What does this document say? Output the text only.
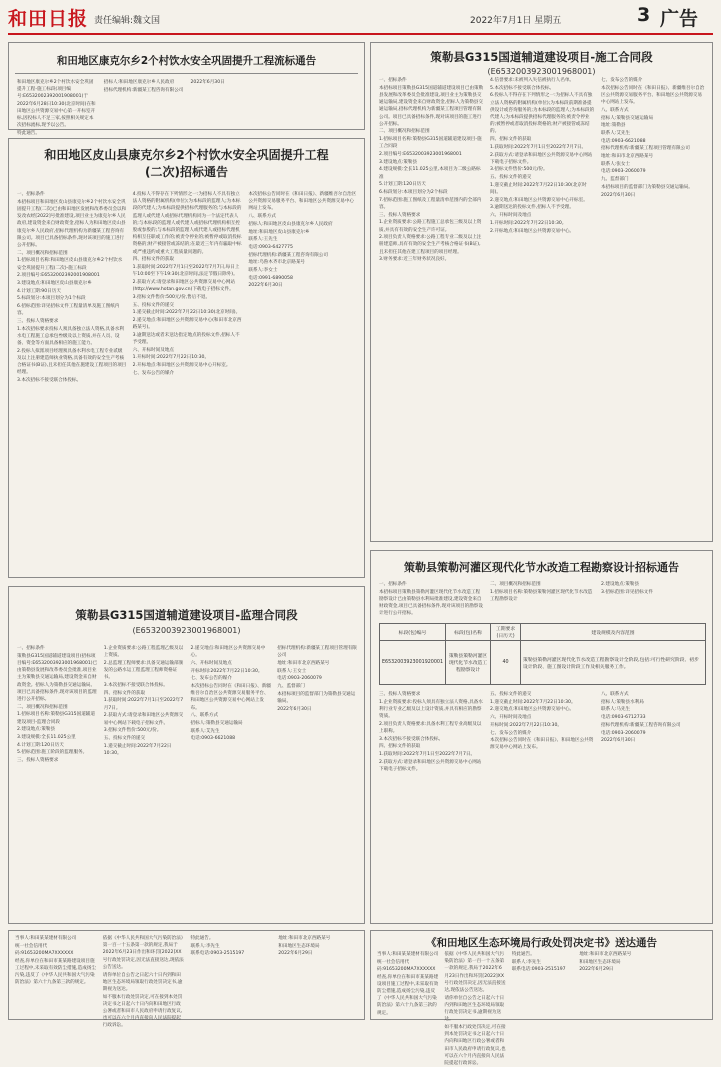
和田日报 责任编辑:魏文国	2022年7月1日 星期五	3 广告
和田地区康克尔乡2个村饮水安全巩固提升工程流标通告

和田地区康克尔乡2个村饮水安全巩固提升工程-施工标段(项目编号:E6532002392001908001)于2022年6月28日10:30(北京时间)在和田地区公共资源交易中心第一开标室开标,因投标人不足三家,按照相关规定本次招标流标,现予以公告。

特此通告。

招标人:和田地区康克尔乡人民政府

招标代理机构:新疆某工程咨询有限公司

2022年6月30日

和田地区皮山县康克尔乡2个村饮水安全巩固提升工程(二次)招标通告

一、招标条件

本招标项目和田地区皮山县康克尔乡2个村饮水安全巩固提升工程(二次)已由和田地区发展和改革委员会以和发改农经[2022]号批准建设,项目业主为康克尔乡人民政府,建设资金来自财政资金,招标人为和田地区皮山县康克尔乡人民政府,招标代理机构为新疆某工程咨询有限公司。项目已具备招标条件,现对该项目的施工进行公开招标。

二、项目概况和招标范围

1.招标项目名称:和田地区皮山县康克尔乡2个村饮水安全巩固提升工程(二次)-施工标段

2.项目编号:E6532002392001908001

3.建设地点:和田地区皮山县康克尔乡

4.计划工期:90日历天

5.标段划分:本项目划分为1个标段

6.招标范围:详见招标文件工程量清单及施工图纸内容。

三、投标人资格要求

1.本次招标要求投标人须具备独立法人资格,具备水利水电工程施工总承包叁级及以上资质,并在人员、设备、资金等方面具备相应的施工能力。

2.投标人拟派项目经理须具备水利水电工程专业贰级及以上注册建造师执业资格,具备有效的安全生产考核合格证书(B证),且未担任其他在施建设工程项目的项目经理。

3.本次招标不接受联合体投标。

4.投标人不得存在下列情形之一:为招标人不具有独立法人资格的附属机构(单位);为本标段的监理人;为本标段的代建人;为本标段提供招标代理服务的;与本标段的监理人或代建人或招标代理机构同为一个法定代表人的;与本标段的监理人或代建人或招标代理机构相互控股或参股的;与本标段的监理人或代建人或招标代理机构相互任职或工作的;被责令停业的;被暂停或取消投标资格的;财产被接管或冻结的;在最近三年内有骗取中标或严重违约或重大工程质量问题的。

四、招标文件的获取

1.获取时间:2022年7月1日至2022年7月7日,每日上午10:00至下午19:30(北京时间,法定节假日除外)。

2.获取方式:请登录和田地区公共资源交易中心网站(http://www.hotan.gov.cn)下载电子招标文件。

3.招标文件售价:500元/份,售后不退。

五、投标文件的递交

1.递交截止时间:2022年7月22日10:30(北京时间)。

2.递交地点:和田地区公共资源交易中心(和田市北京西路某号)。

3.逾期送达或者未送达指定地点的投标文件,招标人不予受理。

六、开标时间及地点

1.开标时间:2022年7月22日10:30。

2.开标地点:和田地区公共资源交易中心开标室。

七、发布公告的媒介

本次招标公告同时在《和田日报》、新疆维吾尔自治区公共资源交易服务平台、和田地区公共资源交易中心网站上发布。

八、联系方式

招标人:和田地区皮山县康克尔乡人民政府

地址:和田地区皮山县康克尔乡

联系人:王先生

电话:0903-6427775

招标代理机构:新疆某工程咨询有限公司

地址:乌鲁木齐市北京路某号

联系人:李女士

电话:0991-6890058

2022年6月30日

策勒县G315国道辅道建设项目-施工合同段
(E6532003923001968001)

一、招标条件

本招标项目策勒县G315国道辅道建设项目已由策勒县发展和改革委员会批准建设,项目业主为策勒县交通运输局,建设资金来自财政资金,招标人为策勒县交通运输局,招标代理机构为新疆某工程项目管理有限公司。项目已具备招标条件,现对该项目的施工进行公开招标。

二、项目概况和招标范围

1.招标项目名称:策勒县G315国道辅道建设项目-施工合同段

2.项目编号:E6532003923001968001

3.建设地点:策勒县

4.建设规模:全长11.025公里,本项目为二级公路标准

5.计划工期:120日历天

6.标段划分:本项目划分为2个标段

7.招标范围:施工图纸及工程量清单范围内的全部内容。

三、投标人资格要求

1.企业资质要求:公路工程施工总承包三级及以上资质,并具有有效的安全生产许可证。

2.项目负责人资格要求:公路工程专业二级及以上注册建造师,具有有效的安全生产考核合格证书(B证),且未担任其他在建工程项目的项目经理。

3.财务要求:近三年财务状况良好。

4.信誉要求:未被列入失信被执行人名单。

5.本次招标不接受联合体投标。

6.投标人不得存在下列情形之一:为招标人不具有独立法人资格的附属机构(单位);为本标段前期准备提供设计或咨询服务的;为本标段的监理人;为本标段的代建人;为本标段提供招标代理服务的;被责令停业的;被暂停或者取消投标资格的;财产被接管或冻结的。

四、招标文件的获取

1.获取时间:2022年7月1日至2022年7月7日。

2.获取方式:请登录和田地区公共资源交易中心网站下载电子招标文件。

3.招标文件售价:500元/份。

五、投标文件的递交

1.递交截止时间:2022年7月22日10:30(北京时间)。

2.递交地点:和田地区公共资源交易中心开标室。

3.逾期送达的投标文件,招标人不予受理。

六、开标时间及地点

1.开标时间:2022年7月22日10:30。

2.开标地点:和田地区公共资源交易中心。

七、发布公告的媒介

本次招标公告同时在《和田日报》、新疆维吾尔自治区公共资源交易服务平台、和田地区公共资源交易中心网站上发布。

八、联系方式

招标人:策勒县交通运输局

地址:策勒县

联系人:艾先生

电话:0903-6621088

招标代理机构:新疆某工程项目管理有限公司

地址:和田市北京西路某号

联系人:张女士

电话:0903-2060079

九、监督部门

本招标项目的监督部门为策勒县交通运输局。

2022年6月30日

策勒县策勒河灌区现代化节水改造工程勘察设计招标通告

一、招标条件

本招标项目策勒县策勒河灌区现代化节水改造工程勘察设计已由策勒县水利局批准建设,建设资金来自财政资金,项目已具备招标条件,现对该项目的勘察设计进行公开招标。

二、项目概况和招标范围

1.招标项目名称:策勒县策勒河灌区现代化节水改造工程勘察设计

2.建设地点:策勒县

3.招标范围:详见招标文件

标段(包)编号	标段(包)名称	工期要求(日历天)	建设规模及内容范围
E6532003923001920001	策勒县策勒河灌区现代化节水改造工程勘察设计	40	策勒县策勒河灌区现代化节水改造工程勘察设计全阶段,包括:可行性研究阶段、初步设计阶段、施工图设计阶段工作及相关服务工作。

三、投标人资格要求

1.企业资质要求:投标人须具有独立法人资格,具备水利行业专业乙级及以上设计资质,并具有相应的勘察资质。

2.项目负责人资格要求:具备水利工程专业高级及以上职称。

3.本次招标不接受联合体投标。

四、招标文件的获取

1.获取时间:2022年7月1日至2022年7月7日。

2.获取方式:请登录和田地区公共资源交易中心网站下载电子招标文件。

五、投标文件的递交

1.递交截止时间:2022年7月22日10:30。

2.递交地点:和田地区公共资源交易中心。

六、开标时间及地点

开标时间:2022年7月22日10:30。

七、发布公告的媒介

本次招标公告同时在《和田日报》、和田地区公共资源交易中心网站上发布。

八、联系方式

招标人:策勒县水利局

联系人:马先生

电话:0903-6712733

招标代理机构:新疆某工程咨询有限公司

电话:0903-2060079

2022年6月30日

策勒县G315国道辅道建设项目-监理合同段
(E6532003923001968001)

一、招标条件

策勒县G315国道辅道建设项目(招标项目编号:E6532003923001968001)已由策勒县发展和改革委员会批准,项目业主为策勒县交通运输局,建设资金来自财政资金。招标人为策勒县交通运输局。项目已具备招标条件,现对该项目的监理进行公开招标。

二、项目概况和招标范围

1.招标项目名称:策勒县G315国道辅道建设项目-监理合同段

2.建设地点:策勒县

3.建设规模:全长11.025公里

4.计划工期:120日历天

5.招标范围:施工阶段的监理服务。

三、投标人资格要求

1.企业资质要求:公路工程监理乙级及以上资质。

2.总监理工程师要求:具备交通运输部颁发的公路水运工程监理工程师资格证书。

3.本次招标不接受联合体投标。

四、招标文件的获取

1.获取时间:2022年7月1日至2022年7月7日。

2.获取方式:请登录和田地区公共资源交易中心网站下载电子招标文件。

3.招标文件售价:500元/份。

五、投标文件的递交

1.递交截止时间:2022年7月22日10:30。

2.递交地点:和田地区公共资源交易中心。

六、开标时间及地点

开标时间:2022年7月22日10:30。

七、发布公告的媒介

本次招标公告同时在《和田日报》、新疆维吾尔自治区公共资源交易服务平台、和田地区公共资源交易中心网站上发布。

八、联系方式

招标人:策勒县交通运输局

联系人:艾先生

电话:0903-6621088

招标代理机构:新疆某工程项目管理有限公司

地址:和田市北京西路某号

联系人:王女士

电话:0903-2060079

九、监督部门

本招标项目的监督部门为策勒县交通运输局。

2022年6月30日

《和田地区生态环境局行政处罚决定书》送达通告

当事人:和田某某建材有限公司

统一社会信用代码:91653200MA7XXXXXX

经查,你单位在和田市某某路建设项目施工过程中,未采取有效防尘措施,造成扬尘污染,违反了《中华人民共和国大气污染防治法》第六十九条第三款的规定。

依据《中华人民共和国大气污染防治法》第一百一十五条第一款的规定,我局于2022年6月23日作出和环罚[2022]XX号行政处罚决定,因无法直接送达,现依法公告送达。

请你单位自公告之日起六十日内到和田地区生态环境局领取行政处罚决定书,逾期视为送达。

如不服本行政处罚决定,可在接到本处罚决定书之日起六十日内向和田地区行政公署或者和田市人民政府申请行政复议,也可以在六个月内直接向人民法院提起行政诉讼。

特此通告。

联系人:李先生

联系电话:0903-2515197

地址:和田市北京西路某号

和田地区生态环境局

2022年6月29日

当事人:和田某某建材有限公司

统一社会信用代码:91653200MA7XXXXXX

经查,你单位在和田市某某路建设项目施工过程中,未采取有效防尘措施,造成扬尘污染,违反了《中华人民共和国大气污染防治法》第六十九条第三款的规定。

依据《中华人民共和国大气污染防治法》第一百一十五条第一款的规定,我局于2022年6月23日作出和环罚[2022]XX号行政处罚决定,因无法直接送达,现依法公告送达。

请你单位自公告之日起六十日内到和田地区生态环境局领取行政处罚决定书,逾期视为送达。

如不服本行政处罚决定,可在接到本处罚决定书之日起六十日内向和田地区行政公署或者和田市人民政府申请行政复议,也可以在六个月内直接向人民法院提起行政诉讼。

特此通告。

联系人:李先生

联系电话:0903-2515197

地址:和田市北京西路某号

和田地区生态环境局

2022年6月29日
